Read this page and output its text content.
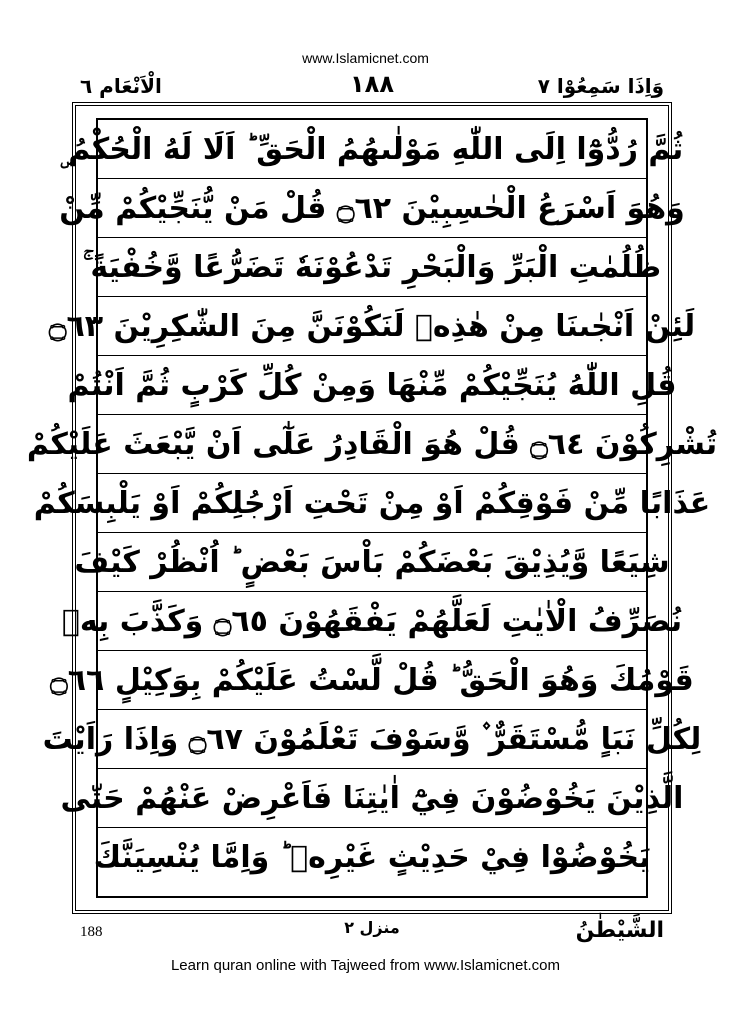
www.Islamicnet.com
الْاَنْعَام ٦	١٨٨	وَاِذَا سَمِعُوْا ٧
ثُمَّ رُدُّوْٓا اِلَى اللّٰهِ مَوْلٰىهُمُ الْحَقِّ ؕ اَلَا لَهُ الْحُكْمُ ۣ
وَهُوَ اَسْرَعُ الْحٰسِبِيْنَ ۝٦٢ قُلْ مَنْ يُّنَجِّيْكُمْ مِّنْ
ظُلُمٰتِ الْبَرِّ وَالْبَحْرِ تَدْعُوْنَهٗ تَضَرُّعًا وَّخُفْيَةً ۚ
لَئِنْ اَنْجٰىنَا مِنْ هٰذِهٖ لَنَكُوْنَنَّ مِنَ الشّٰكِرِيْنَ ۝٦٣
قُلِ اللّٰهُ يُنَجِّيْكُمْ مِّنْهَا وَمِنْ كُلِّ كَرْبٍ ثُمَّ اَنْتُمْ
تُشْرِكُوْنَ ۝٦٤ قُلْ هُوَ الْقَادِرُ عَلٰٓى اَنْ يَّبْعَثَ عَلَيْكُمْ
عَذَابًا مِّنْ فَوْقِكُمْ اَوْ مِنْ تَحْتِ اَرْجُلِكُمْ اَوْ يَلْبِسَكُمْ
شِيَعًا وَّيُذِيْقَ بَعْضَكُمْ بَاْسَ بَعْضٍ ؕ اُنْظُرْ كَيْفَ
نُصَرِّفُ الْاٰيٰتِ لَعَلَّهُمْ يَفْقَهُوْنَ ۝٦٥ وَكَذَّبَ بِهٖ
قَوْمُكَ وَهُوَ الْحَقُّ ؕ قُلْ لَّسْتُ عَلَيْكُمْ بِوَكِيْلٍ ۝٦٦
لِكُلِّ نَبَاٍ مُّسْتَقَرٌّ ۫ وَّسَوْفَ تَعْلَمُوْنَ ۝٦٧ وَاِذَا رَاَيْتَ
الَّذِيْنَ يَخُوْضُوْنَ فِيْٓ اٰيٰتِنَا فَاَعْرِضْ عَنْهُمْ حَتّٰى
يَخُوْضُوْا فِيْ حَدِيْثٍ غَيْرِهٖ ؕ وَاِمَّا يُنْسِيَنَّكَ
188	منزل ٢	الشَّيْطٰنُ
Learn quran online with Tajweed from www.Islamicnet.com
